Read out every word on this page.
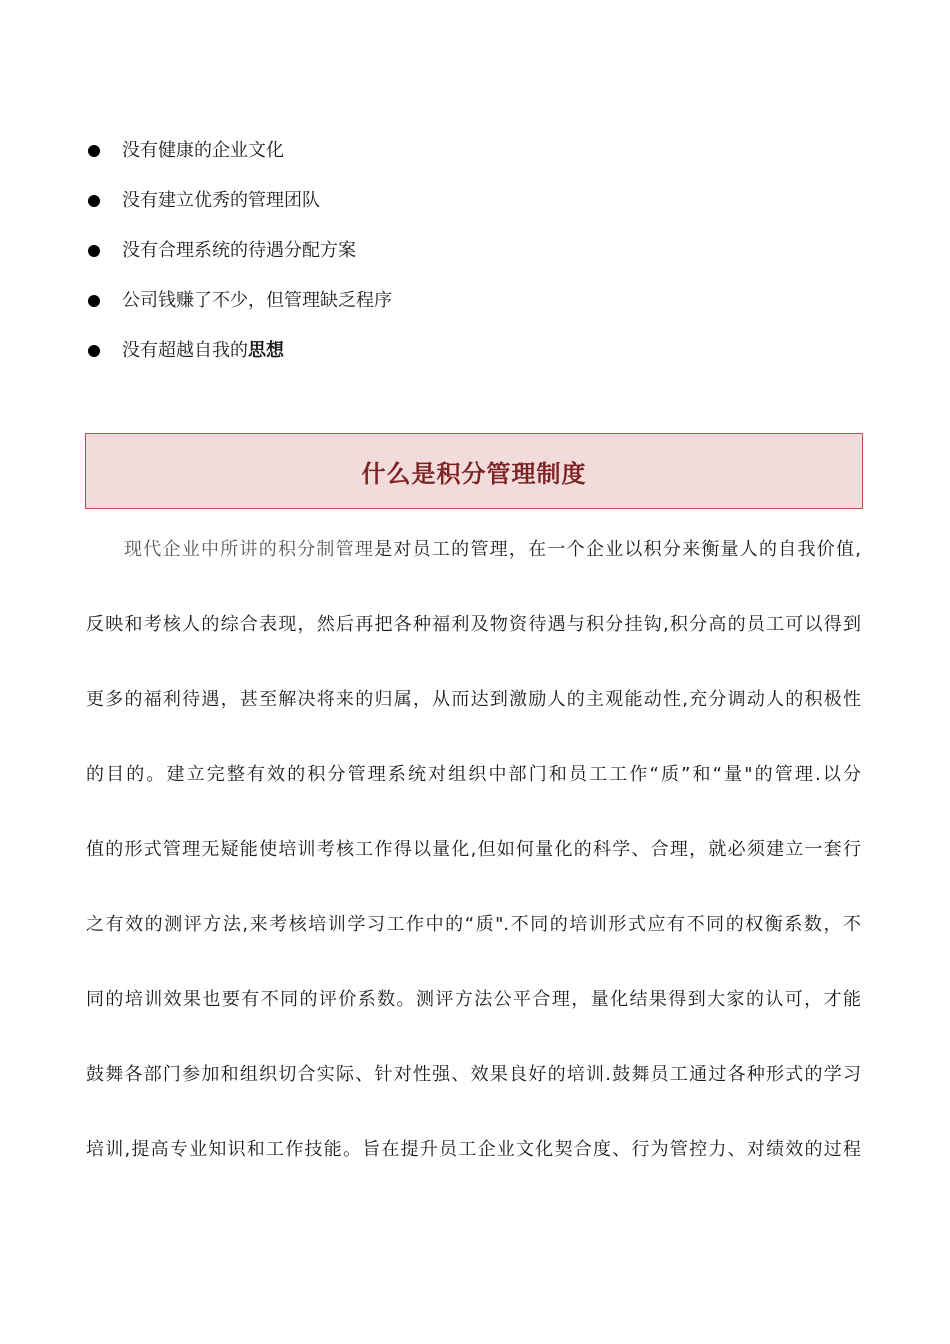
没有健康的企业文化
没有建立优秀的管理团队
没有合理系统的待遇分配方案
公司钱赚了不少，但管理缺乏程序
没有超越自我的思想
什么是积分管理制度
现代企业中所讲的积分制管理是对员工的管理，在一个企业以积分来衡量人的自我价值,
反映和考核人的综合表现，然后再把各种福利及物资待遇与积分挂钩,积分高的员工可以得到
更多的福利待遇，甚至解决将来的归属，从而达到激励人的主观能动性,充分调动人的积极性
的目的。建立完整有效的积分管理系统对组织中部门和员工工作“质”和“量"的管理.以分
值的形式管理无疑能使培训考核工作得以量化,但如何量化的科学、合理，就必须建立一套行
之有效的测评方法,来考核培训学习工作中的“质".不同的培训形式应有不同的权衡系数，不
同的培训效果也要有不同的评价系数。测评方法公平合理，量化结果得到大家的认可，才能
鼓舞各部门参加和组织切合实际、针对性强、效果良好的培训.鼓舞员工通过各种形式的学习
培训,提高专业知识和工作技能。旨在提升员工企业文化契合度、行为管控力、对绩效的过程
